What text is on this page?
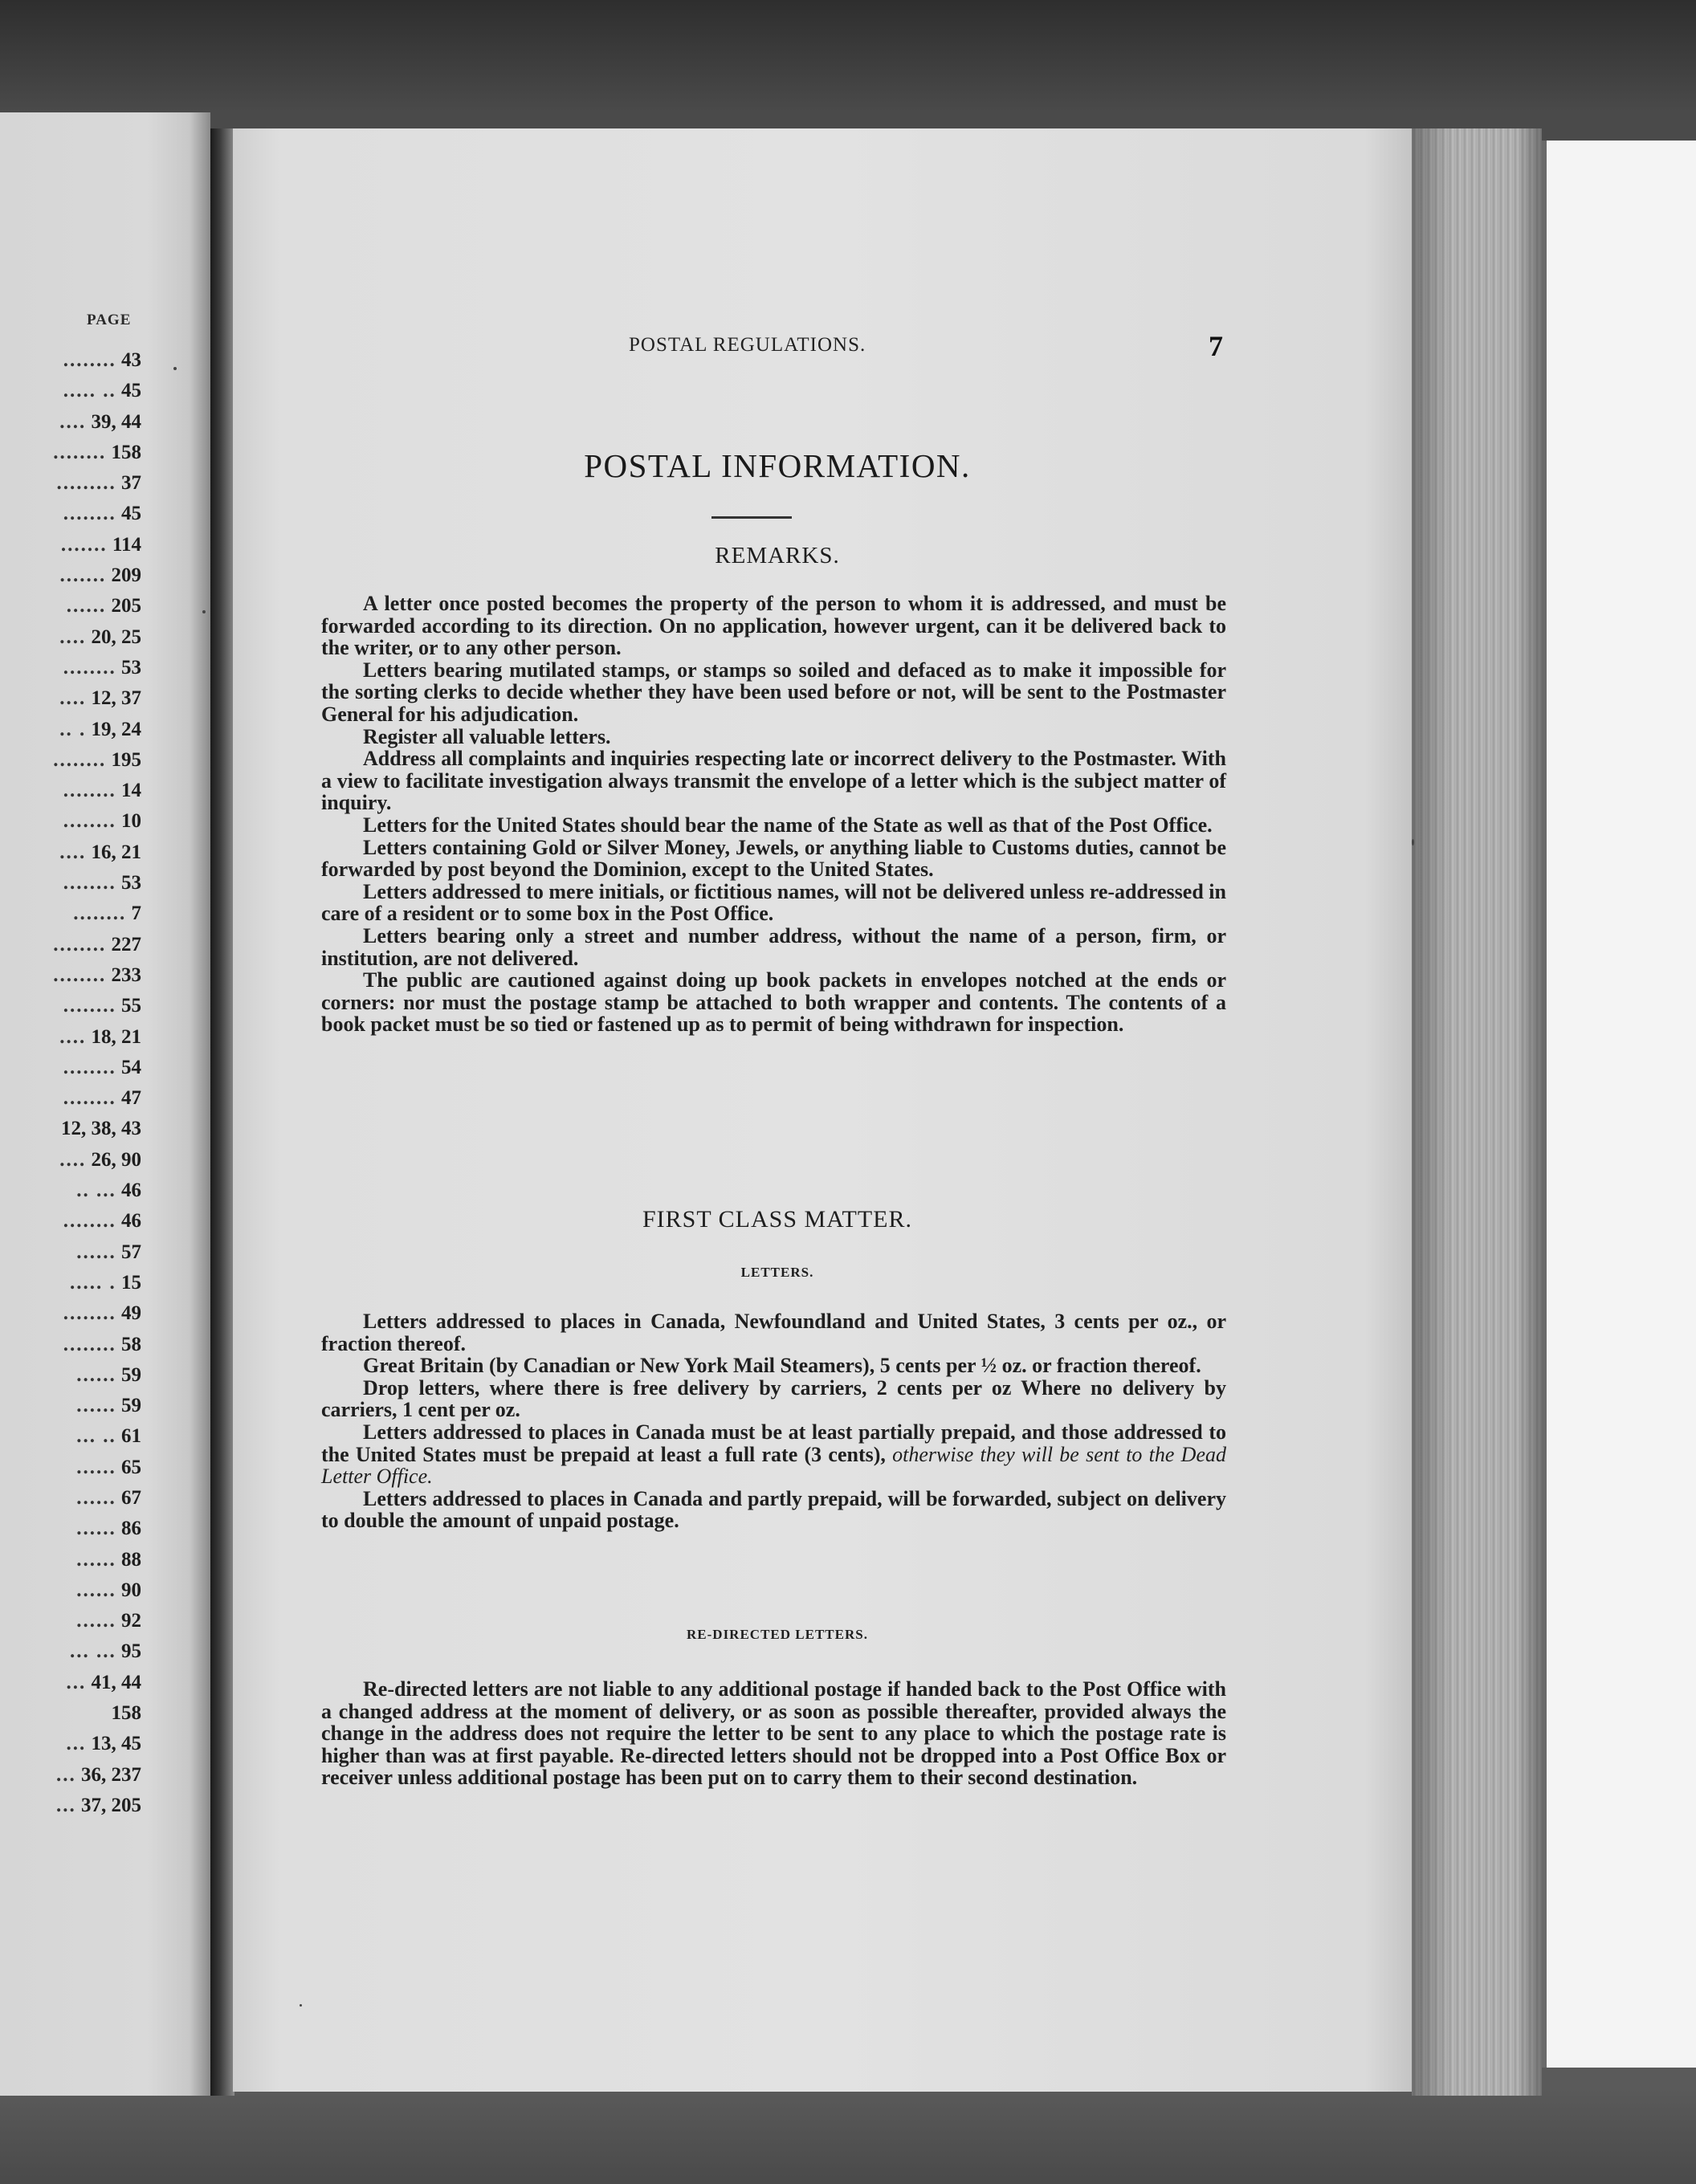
PAGE
........ 43
..... .. 45
.... 39, 44
........ 158
......... 37
........ 45
....... 114
....... 209
...... 205
.... 20, 25
........ 53
.... 12, 37
.. . 19, 24
........ 195
........ 14
........ 10
.... 16, 21
........ 53
........ 7
........ 227
........ 233
........ 55
.... 18, 21
........ 54
........ 47
12, 38, 43
.... 26, 90
.. ... 46
........ 46
...... 57
..... . 15
........ 49
........ 58
...... 59
...... 59
... .. 61
...... 65
...... 67
...... 86
...... 88
...... 90
...... 92
... ... 95
... 41, 44
158
... 13, 45
... 36, 237
... 37, 205
POSTAL REGULATIONS.	7
POSTAL INFORMATION.
REMARKS.

A letter once posted becomes the property of the person to whom it is addressed, and must be forwarded according to its direction. On no application, however urgent, can it be delivered back to the writer, or to any other person.

Letters bearing mutilated stamps, or stamps so soiled and defaced as to make it impossible for the sorting clerks to decide whether they have been used before or not, will be sent to the Postmaster General for his adjudication.

Register all valuable letters.

Address all complaints and inquiries respecting late or incorrect delivery to the Postmaster. With a view to facilitate investigation always transmit the envelope of a letter which is the subject matter of inquiry.

Letters for the United States should bear the name of the State as well as that of the Post Office.

Letters containing Gold or Silver Money, Jewels, or anything liable to Customs duties, cannot be forwarded by post beyond the Dominion, except to the United States.

Letters addressed to mere initials, or fictitious names, will not be delivered unless re-addressed in care of a resident or to some box in the Post Office.

Letters bearing only a street and number address, without the name of a person, firm, or institution, are not delivered.

The public are cautioned against doing up book packets in envelopes notched at the ends or corners: nor must the postage stamp be attached to both wrapper and contents. The contents of a book packet must be so tied or fastened up as to permit of being withdrawn for inspection.

FIRST CLASS MATTER.
LETTERS.

Letters addressed to places in Canada, Newfoundland and United States, 3 cents per oz., or fraction thereof.

Great Britain (by Canadian or New York Mail Steamers), 5 cents per ½ oz. or fraction thereof.

Drop letters, where there is free delivery by carriers, 2 cents per oz Where no delivery by carriers, 1 cent per oz.

Letters addressed to places in Canada must be at least partially prepaid, and those addressed to the United States must be prepaid at least a full rate (3 cents), otherwise they will be sent to the Dead Letter Office.

Letters addressed to places in Canada and partly prepaid, will be forwarded, subject on delivery to double the amount of unpaid postage.

RE-DIRECTED LETTERS.

Re-directed letters are not liable to any additional postage if handed back to the Post Office with a changed address at the moment of delivery, or as soon as possible thereafter, provided always the change in the address does not require the letter to be sent to any place to which the postage rate is higher than was at first payable. Re-directed letters should not be dropped into a Post Office Box or receiver unless additional postage has been put on to carry them to their second destination.
